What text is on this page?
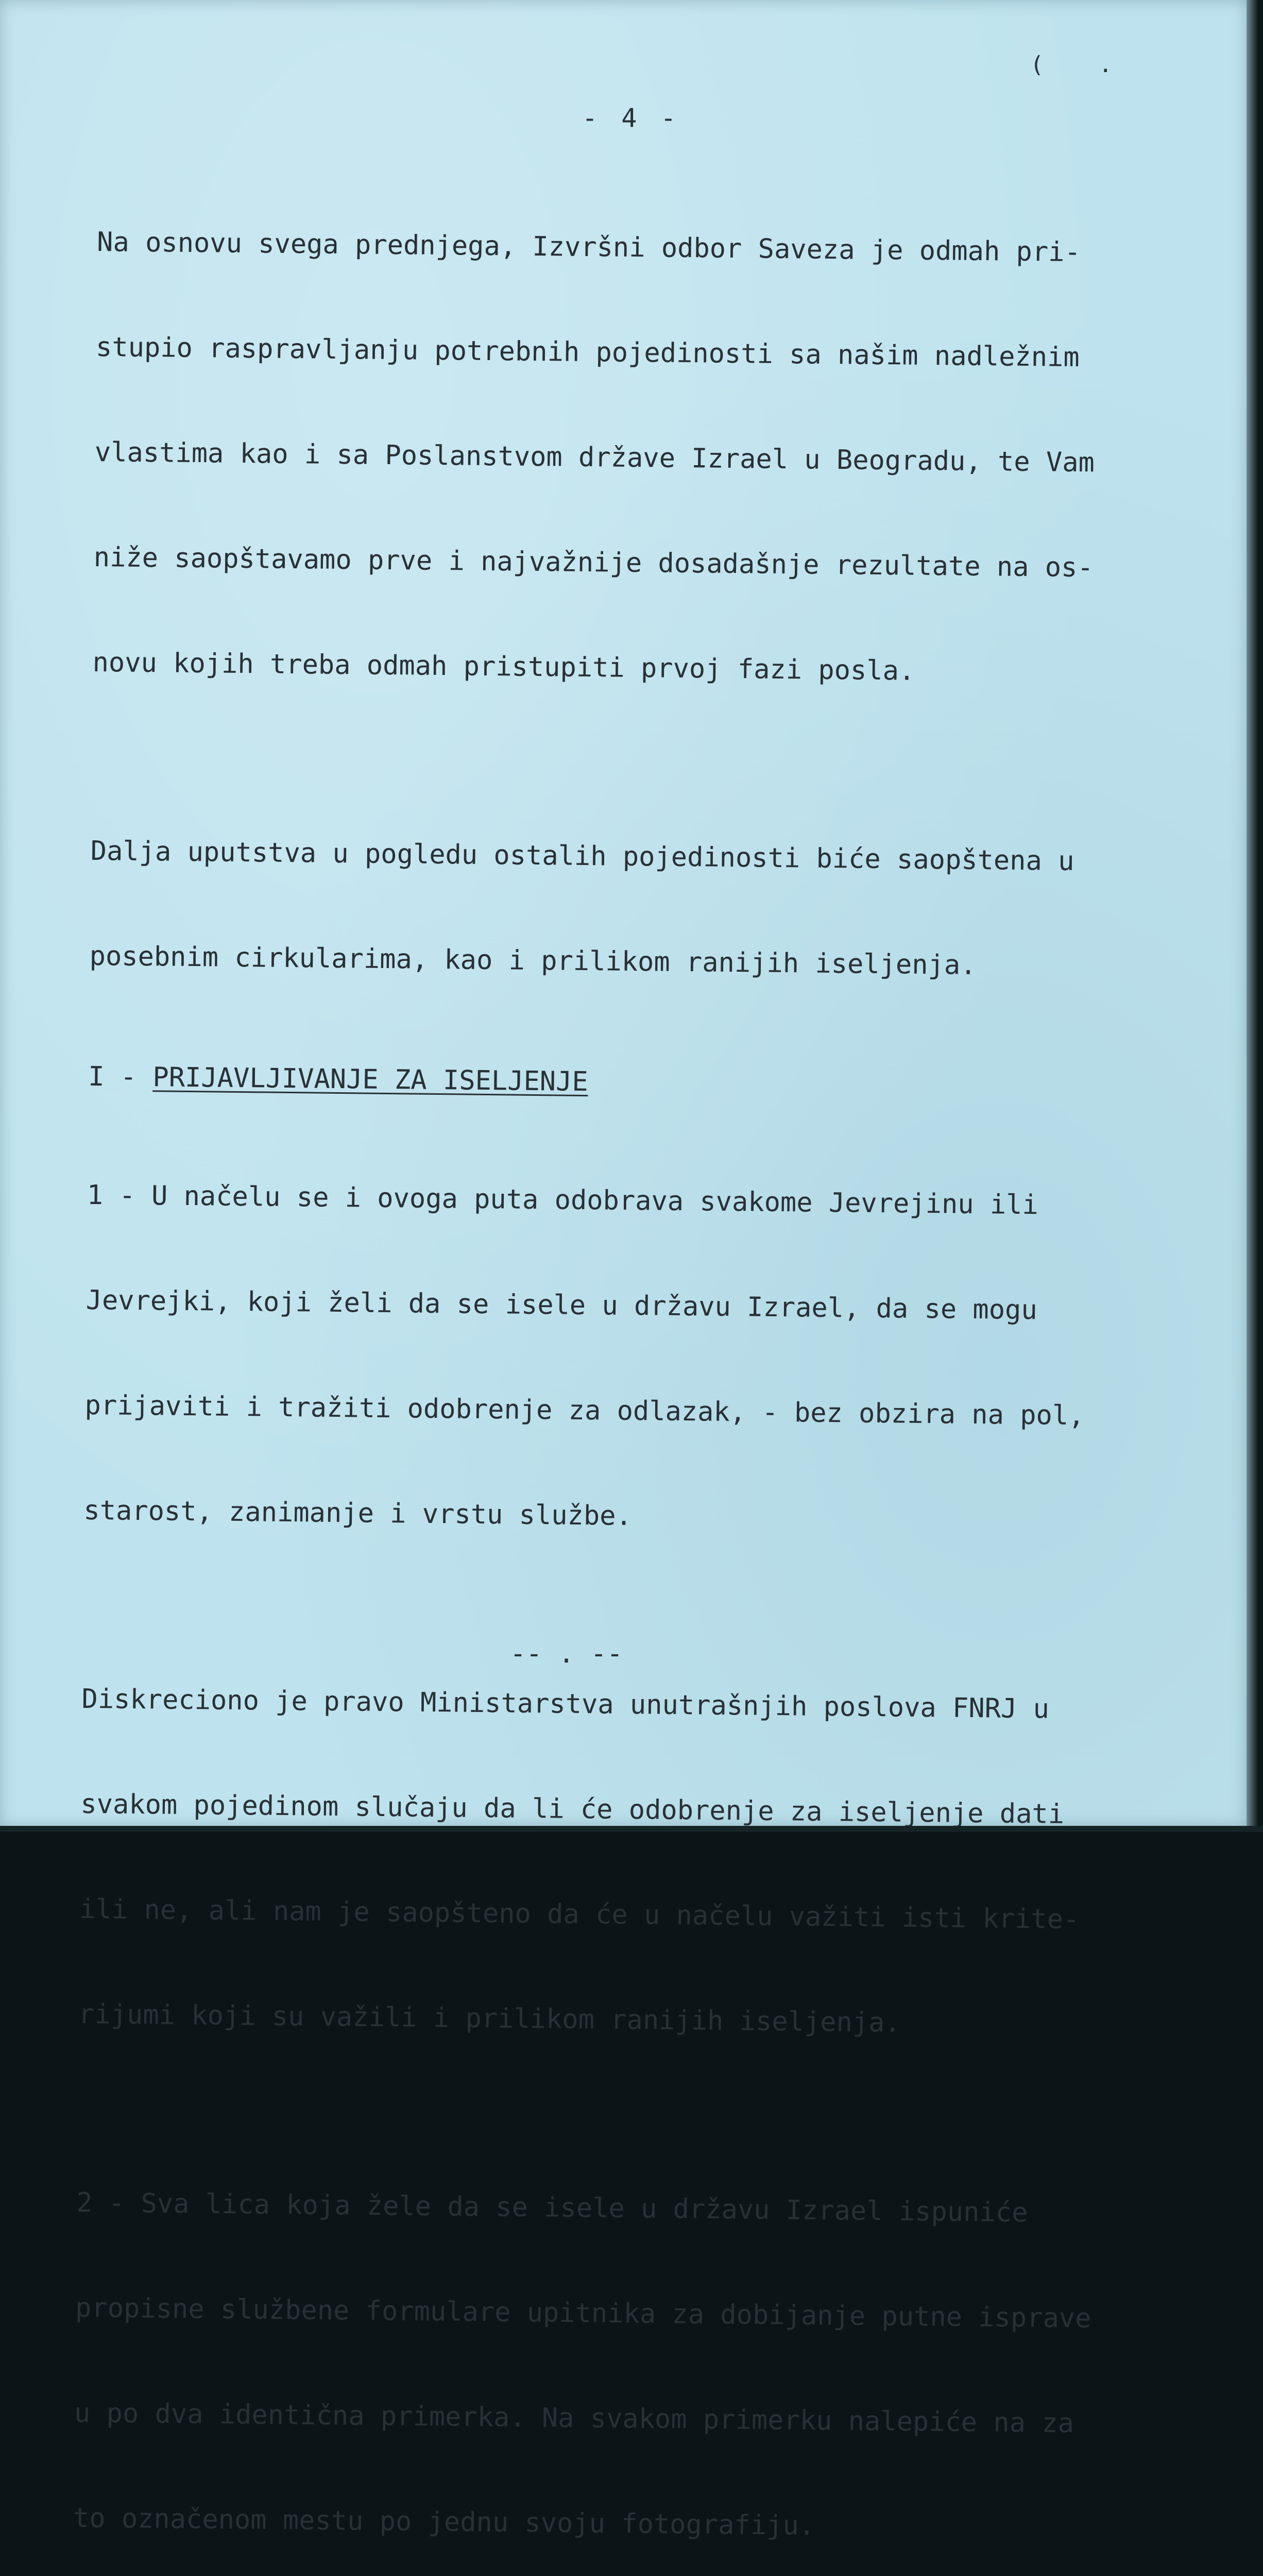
- 4 -
( .

Na osnovu svega prednjega, Izvršni odbor Saveza je odmah pri-

stupio raspravljanju potrebnih pojedinosti sa našim nadležnim

vlastima kao i sa Poslanstvom države Izrael u Beogradu, te Vam

niže saopštavamo prve i najvažnije dosadašnje rezultate na os-

novu kojih treba odmah pristupiti prvoj fazi posla.

Dalja uputstva u pogledu ostalih pojedinosti biće saopštena u

posebnim cirkularima, kao i prilikom ranijih iseljenja.

I - PRIJAVLJIVANJE ZA ISELJENJE

1 - U načelu se i ovoga puta odobrava svakome Jevrejinu ili

Jevrejki, koji želi da se isele u državu Izrael, da se mogu

prijaviti i tražiti odobrenje za odlazak, - bez obzira na pol,

starost, zanimanje i vrstu službe.

Diskreciono je pravo Ministarstva unutrašnjih poslova FNRJ u

svakom pojedinom slučaju da li će odobrenje za iseljenje dati

ili ne, ali nam je saopšteno da će u načelu važiti isti krite-

rijumi koji su važili i prilikom ranijih iseljenja.

2 - Sva lica koja žele da se isele u državu Izrael ispuniće

propisne službene formulare upitnika za dobijanje putne isprave

u po dva identična primerka. Na svakom primerku nalepiće na za

to označenom mestu po jednu svoju fotografiju.

-- . --
